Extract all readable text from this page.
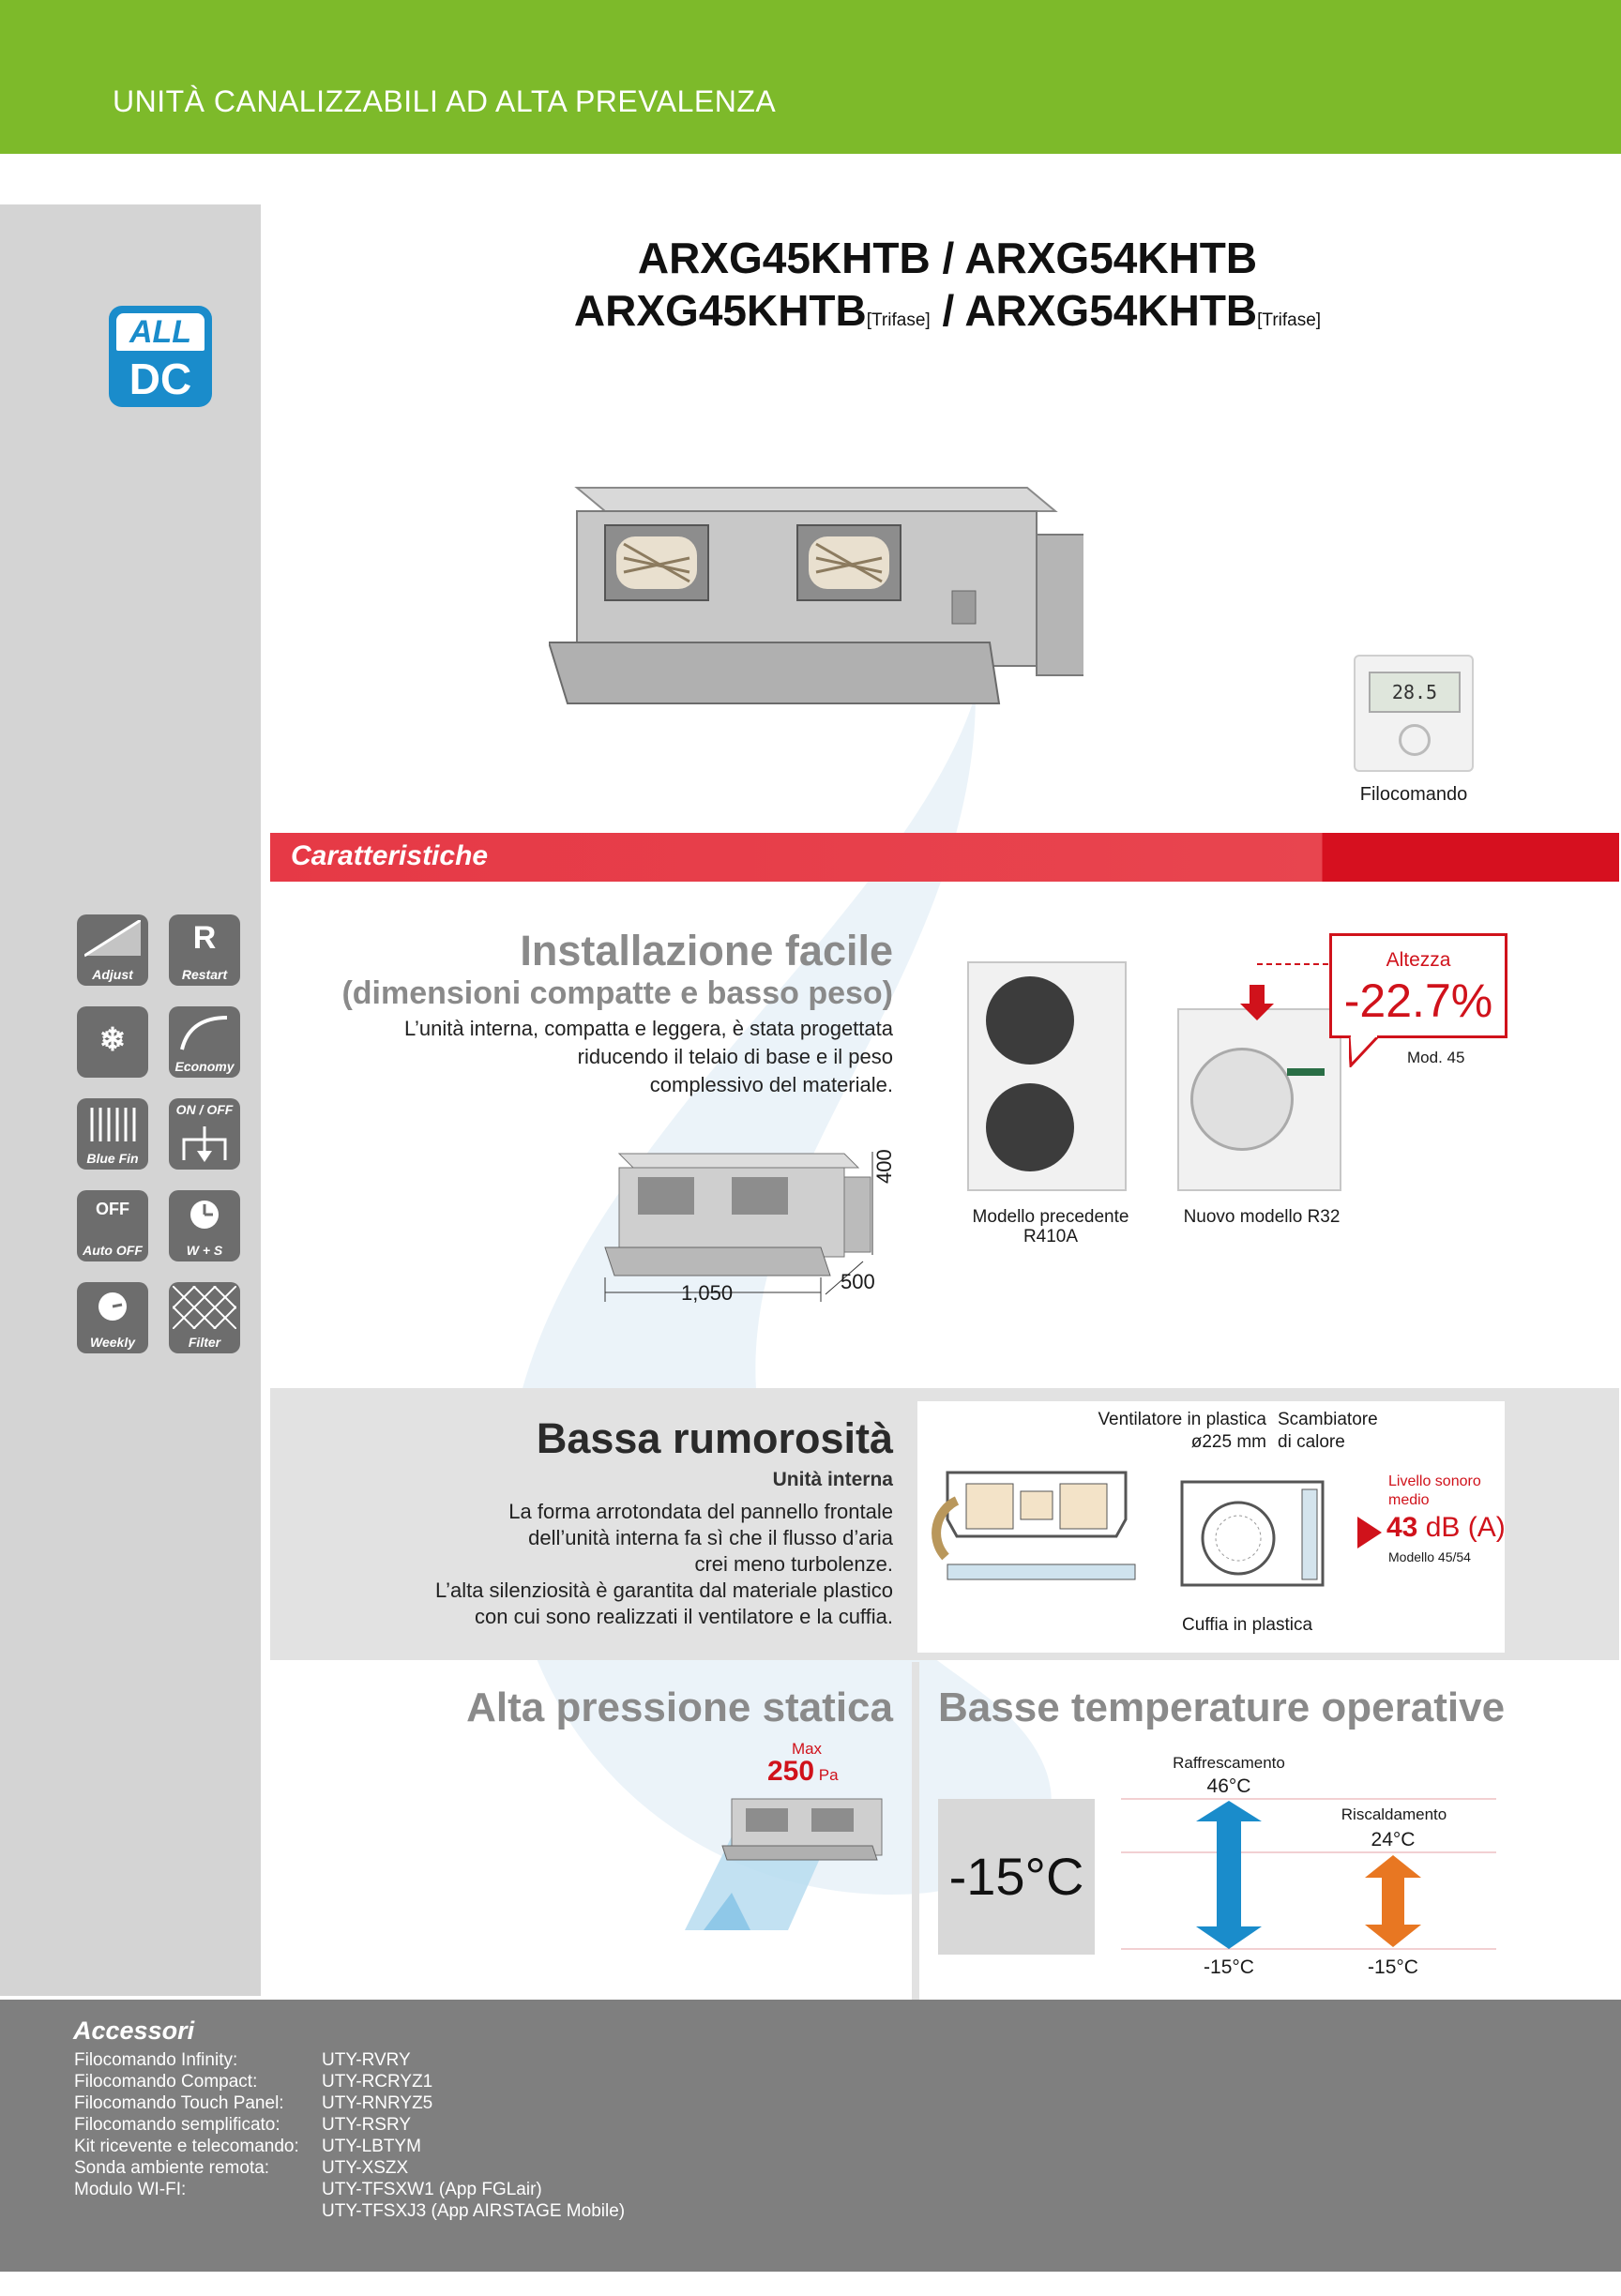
UNITÀ CANALIZZABILI AD ALTA PREVALENZA
ARXG45KHTB / ARXG54KHTB
ARXG45KHTB[Trifase] / ARXG54KHTB[Trifase]
ALL
DC
28.5
Filocomando
Caratteristiche
Adjust
R
Restart
❄
Economy
Blue Fin
ON / OFF
OFF
Auto OFF	W + S
Weekly	Filter
Installazione facile
(dimensioni compatte e basso peso)
L’unità interna, compatta e leggera, è stata progettata
riducendo il telaio di base e il peso
complessivo del materiale.
1,050	500
400
Altezza
-22.7%
Mod. 45
Modello precedente
R410A
Nuovo modello R32
Bassa rumorosità
Unità interna
La forma arrotondata del pannello frontale
dell’unità interna fa sì che il flusso d’aria
crei meno turbolenze.
L’alta silenziosità è garantita dal materiale plastico
con cui sono realizzati il ventilatore e la cuffia.
Ventilatore in plastica
ø225 mm
Scambiatore
di calore
Cuffia in plastica
Livello sonoro
medio
43 dB (A)
Modello 45/54
Alta pressione statica
Max
250 Pa
Basse temperature operative
-15°C
Raffrescamento
46°C
-15°C
Riscaldamento
24°C
-15°C
Accessori
Filocomando Infinity:	UTY-RVRY
Filocomando Compact:	UTY-RCRYZ1
Filocomando Touch Panel: UTY-RNRYZ5
Filocomando semplificato: UTY-RSRY
Kit ricevente e telecomando: UTY-LBTYM
Sonda ambiente remota:	UTY-XSZX
Modulo WI-FI:	UTY-TFSXW1 (App FGLair)
UTY-TFSXJ3 (App AIRSTAGE Mobile)
